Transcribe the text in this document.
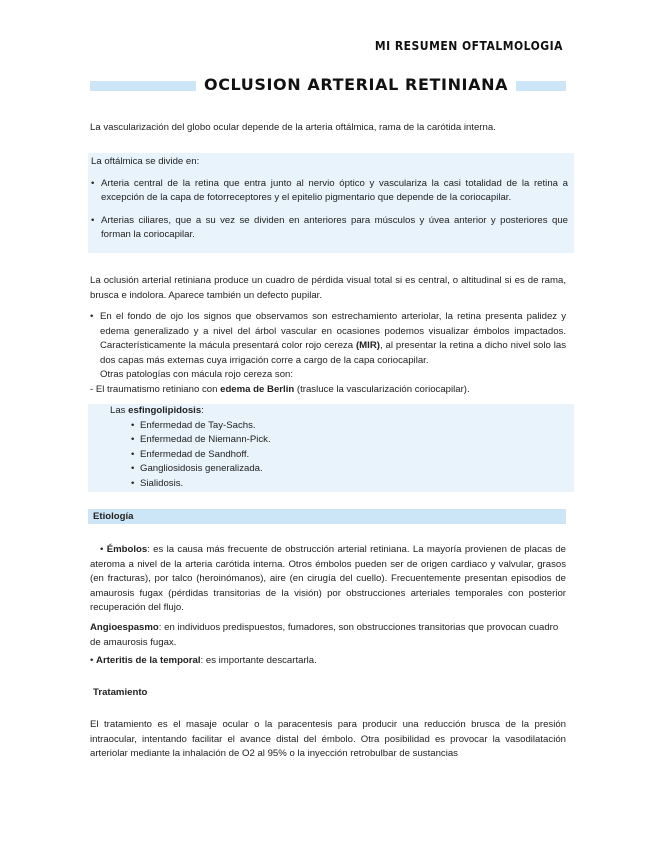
MI RESUMEN OFTALMOLOGIA
OCLUSION ARTERIAL RETINIANA

La vascularización del globo ocular depende de la arteria oftálmica, rama de la carótida interna.

La oftálmica se divide en:
• Arteria central de la retina que entra junto al nervio óptico y vasculariza la casi totalidad de la retina a excepción de la capa de fotorreceptores y el epitelio pigmentario que depende de la coriocapilar.
• Arterias ciliares, que a su vez se dividen en anteriores para músculos y úvea anterior y posteriores que forman la coriocapilar.

La oclusión arterial retiniana produce un cuadro de pérdida visual total si es central, o altitudinal si es de rama, brusca e indolora. Aparece también un defecto pupilar.

• En el fondo de ojo los signos que observamos son estrechamiento arteriolar, la retina presenta palidez y edema generalizado y a nivel del árbol vascular en ocasiones podemos visualizar émbolos impactados. Característicamente la mácula presentará color rojo cereza (MIR), al presentar la retina a dicho nivel solo las dos capas más externas cuya irrigación corre a cargo de la capa coriocapilar.
Otras patologías con mácula rojo cereza son:
- El traumatismo retiniano con edema de Berlin (trasluce la vascularización coriocapilar).
Las esfingolipidosis:
• Enfermedad de Tay-Sachs.
• Enfermedad de Niemann-Pick.
• Enfermedad de Sandhoff.
• Gangliosidosis generalizada.
• Sialidosis.
Etiología
• Émbolos: es la causa más frecuente de obstrucción arterial retiniana. La mayoría provienen de placas de ateroma a nivel de la arteria carótida interna. Otros émbolos pueden ser de origen cardiaco y valvular, grasos (en fracturas), por talco (heroinómanos), aire (en cirugía del cuello). Frecuentemente presentan episodios de amaurosis fugax (pérdidas transitorias de la visión) por obstrucciones arteriales temporales con posterior recuperación del flujo.
Angioespasmo: en individuos predispuestos, fumadores, son obstrucciones transitorias que provocan cuadro de amaurosis fugax.
• Arteritis de la temporal: es importante descartarla.
Tratamiento

El tratamiento es el masaje ocular o la paracentesis para producir una reducción brusca de la presión intraocular, intentando facilitar el avance distal del émbolo. Otra posibilidad es provocar la vasodilatación arteriolar mediante la inhalación de O2 al 95% o la inyección retrobulbar de sustancias
